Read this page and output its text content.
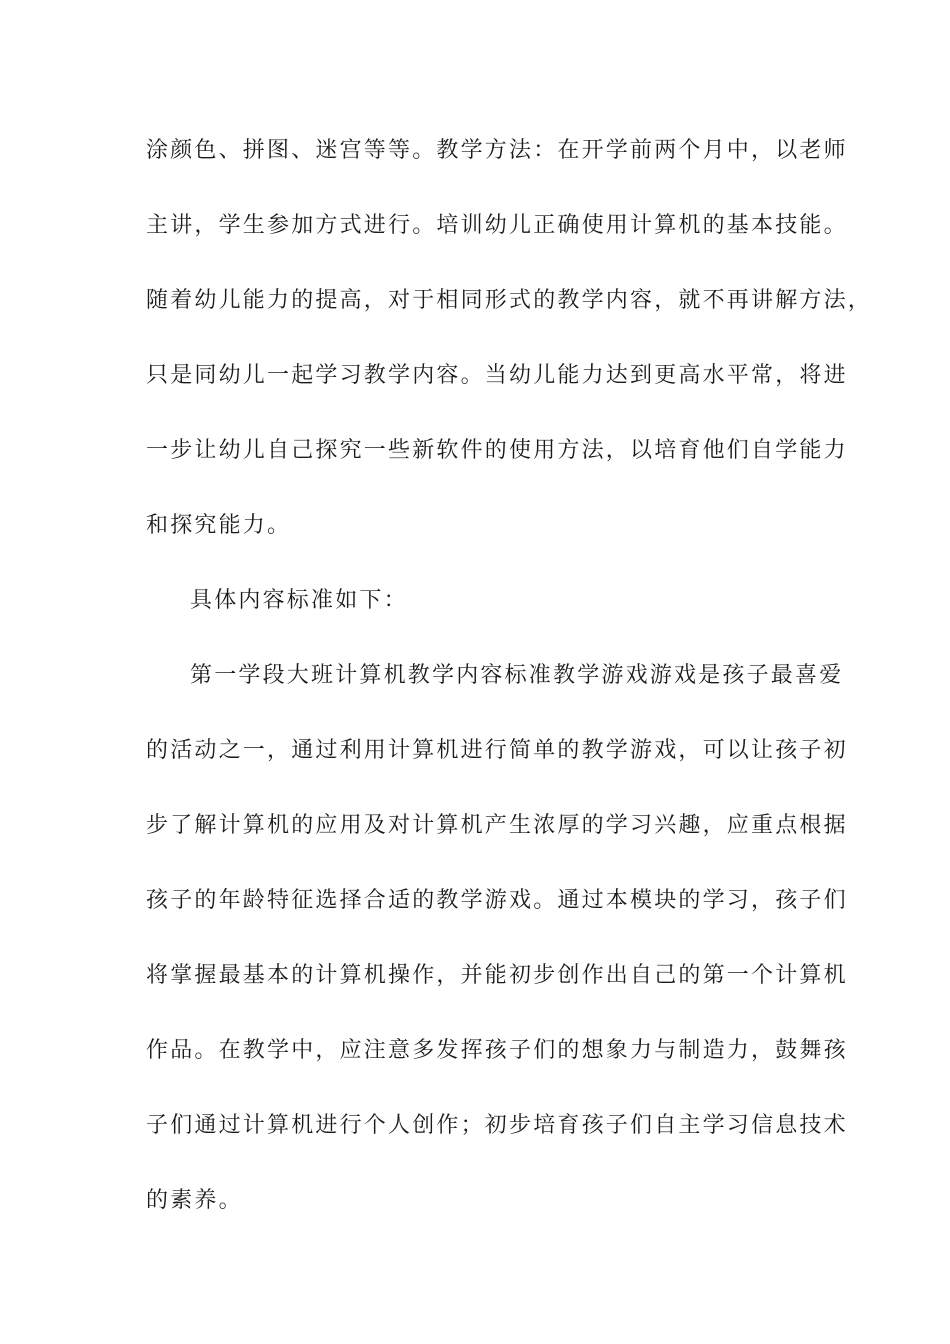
涂颜色、拼图、迷宫等等。教学方法：在开学前两个月中，以老师
主讲，学生参加方式进行。培训幼儿正确使用计算机的基本技能。
随着幼儿能力的提高，对于相同形式的教学内容，就不再讲解方法，
只是同幼儿一起学习教学内容。当幼儿能力达到更高水平常，将进
一步让幼儿自己探究一些新软件的使用方法，以培育他们自学能力
和探究能力。
具体内容标准如下：
第一学段大班计算机教学内容标准教学游戏游戏是孩子最喜爱
的活动之一，通过利用计算机进行简单的教学游戏，可以让孩子初
步了解计算机的应用及对计算机产生浓厚的学习兴趣，应重点根据
孩子的年龄特征选择合适的教学游戏。通过本模块的学习，孩子们
将掌握最基本的计算机操作，并能初步创作出自己的第一个计算机
作品。在教学中，应注意多发挥孩子们的想象力与制造力，鼓舞孩
子们通过计算机进行个人创作；初步培育孩子们自主学习信息技术
的素养。
